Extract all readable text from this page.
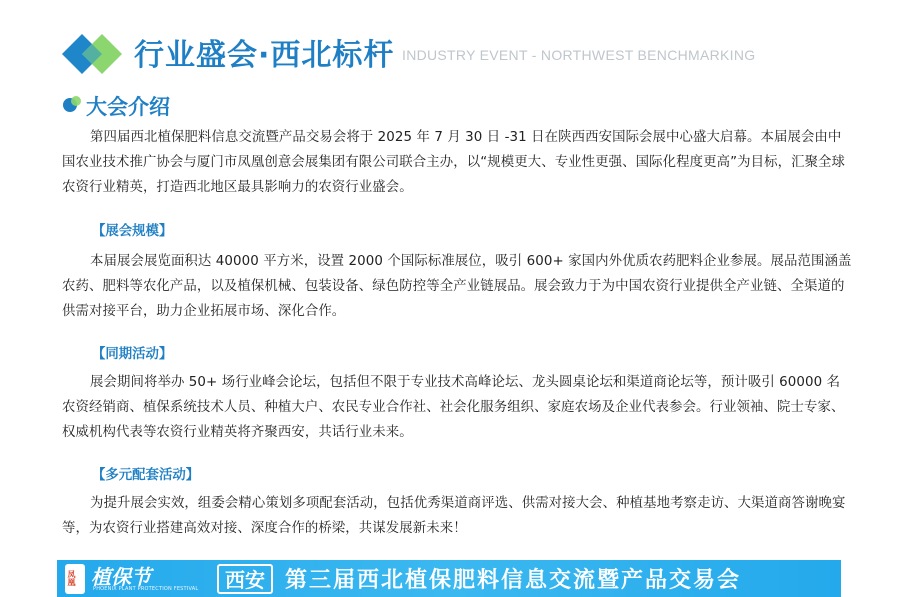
行业盛会·西北标杆 INDUSTRY EVENT - NORTHWEST BENCHMARKING
大会介绍

第四届西北植保肥料信息交流暨产品交易会将于 2025 年 7 月 30 日 -31 日在陕西西安国际会展中心盛大启幕。本届展会由中国农业技术推广协会与厦门市凤凰创意会展集团有限公司联合主办，以“规模更大、专业性更强、国际化程度更高”为目标，汇聚全球农资行业精英，打造西北地区最具影响力的农资行业盛会。

【展会规模】

本届展会展览面积达 40000 平方米，设置 2000 个国际标准展位，吸引 600+ 家国内外优质农药肥料企业参展。展品范围涵盖农药、肥料等农化产品，以及植保机械、包装设备、绿色防控等全产业链展品。展会致力于为中国农资行业提供全产业链、全渠道的供需对接平台，助力企业拓展市场、深化合作。

【同期活动】

展会期间将举办 50+ 场行业峰会论坛，包括但不限于专业技术高峰论坛、龙头圆桌论坛和渠道商论坛等，预计吸引 60000 名农资经销商、植保系统技术人员、种植大户、农民专业合作社、社会化服务组织、家庭农场及企业代表参会。行业领袖、院士专家、权威机构代表等农资行业精英将齐聚西安，共话行业未来。

【多元配套活动】

为提升展会实效，组委会精心策划多项配套活动，包括优秀渠道商评选、供需对接大会、种植基地考察走访、大渠道商答谢晚宴等，为农资行业搭建高效对接、深度合作的桥梁，共谋发展新未来！

凤凰 植保节
PHOENIX PLANT PROTECTION FESTIVAL	西安 第三届西北植保肥料信息交流暨产品交易会
